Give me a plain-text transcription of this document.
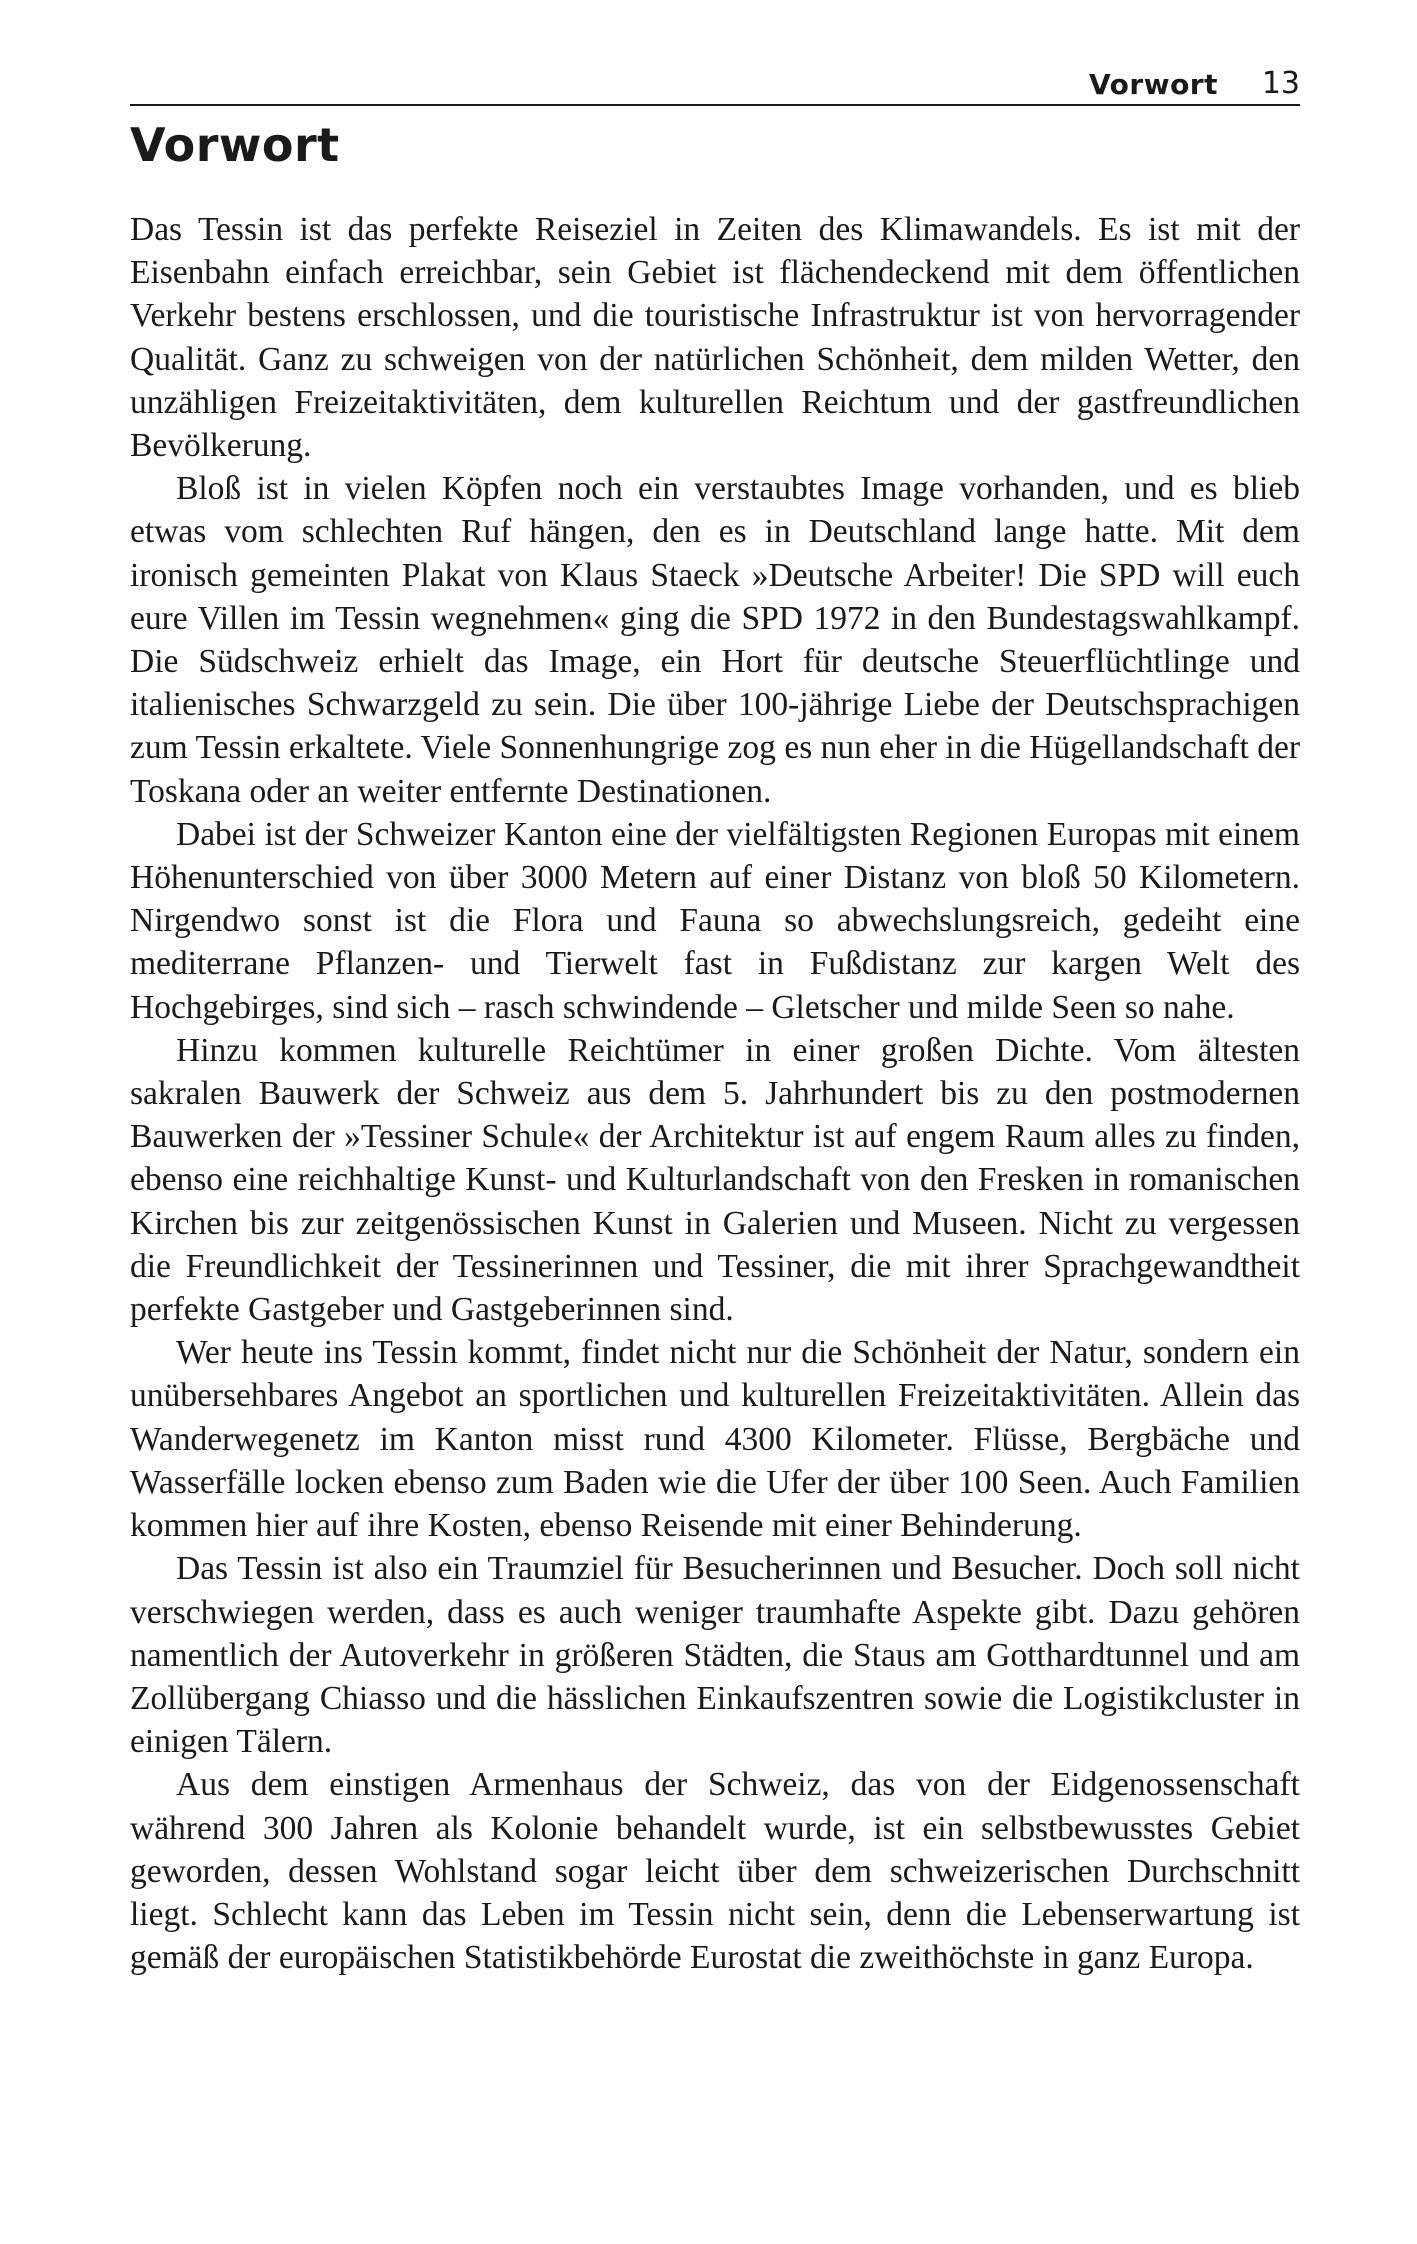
Vorwort 13
Vorwort

Das Tessin ist das perfekte Reiseziel in Zeiten des Klimawandels. Es ist mit der Eisenbahn einfach erreichbar, sein Gebiet ist flächendeckend mit dem öffentlichen Verkehr bestens erschlossen, und die touristische Infrastruktur ist von hervorragender Qualität. Ganz zu schweigen von der natürlichen Schönheit, dem milden Wetter, den unzähligen Freizeitaktivitäten, dem kulturellen Reichtum und der gastfreundlichen Bevölkerung.

Bloß ist in vielen Köpfen noch ein verstaubtes Image vorhanden, und es blieb etwas vom schlechten Ruf hängen, den es in Deutschland lange hatte. Mit dem ironisch gemeinten Plakat von Klaus Staeck »Deutsche Arbeiter! Die SPD will euch eure Villen im Tessin wegnehmen« ging die SPD 1972 in den Bundestagswahlkampf. Die Südschweiz erhielt das Image, ein Hort für deutsche Steuerflüchtlinge und italienisches Schwarzgeld zu sein. Die über 100-jährige Liebe der Deutschsprachigen zum Tessin erkaltete. Viele Sonnenhungrige zog es nun eher in die Hügellandschaft der Toskana oder an weiter entfernte Destinationen.

Dabei ist der Schweizer Kanton eine der vielfältigsten Regionen Europas mit einem Höhenunterschied von über 3000 Metern auf einer Distanz von bloß 50 Kilometern. Nirgendwo sonst ist die Flora und Fauna so abwechslungsreich, gedeiht eine mediterrane Pflanzen- und Tierwelt fast in Fußdistanz zur kargen Welt des Hochgebirges, sind sich – rasch schwindende – Gletscher und milde Seen so nahe.

Hinzu kommen kulturelle Reichtümer in einer großen Dichte. Vom ältesten sakralen Bauwerk der Schweiz aus dem 5. Jahrhundert bis zu den postmodernen Bauwerken der »Tessiner Schule« der Architektur ist auf engem Raum alles zu finden, ebenso eine reichhaltige Kunst- und Kulturlandschaft von den Fresken in romanischen Kirchen bis zur zeitgenössischen Kunst in Galerien und Museen. Nicht zu vergessen die Freundlichkeit der Tessinerinnen und Tessiner, die mit ihrer Sprachgewandtheit perfekte Gastgeber und Gastgeberinnen sind.

Wer heute ins Tessin kommt, findet nicht nur die Schönheit der Natur, sondern ein unübersehbares Angebot an sportlichen und kulturellen Freizeitaktivitäten. Allein das Wanderwegenetz im Kanton misst rund 4300 Kilometer. Flüsse, Bergbäche und Wasserfälle locken ebenso zum Baden wie die Ufer der über 100 Seen. Auch Familien kommen hier auf ihre Kosten, ebenso Reisende mit einer Behinderung.

Das Tessin ist also ein Traumziel für Besucherinnen und Besucher. Doch soll nicht verschwiegen werden, dass es auch weniger traumhafte Aspekte gibt. Dazu gehören namentlich der Autoverkehr in größeren Städten, die Staus am Gotthardtunnel und am Zollübergang Chiasso und die hässlichen Einkaufszentren sowie die Logistikcluster in einigen Tälern.

Aus dem einstigen Armenhaus der Schweiz, das von der Eidgenossenschaft während 300 Jahren als Kolonie behandelt wurde, ist ein selbstbewusstes Gebiet geworden, dessen Wohlstand sogar leicht über dem schweizerischen Durchschnitt liegt. Schlecht kann das Leben im Tessin nicht sein, denn die Lebenserwartung ist gemäß der europäischen Statistikbehörde Eurostat die zweithöchste in ganz Europa.
